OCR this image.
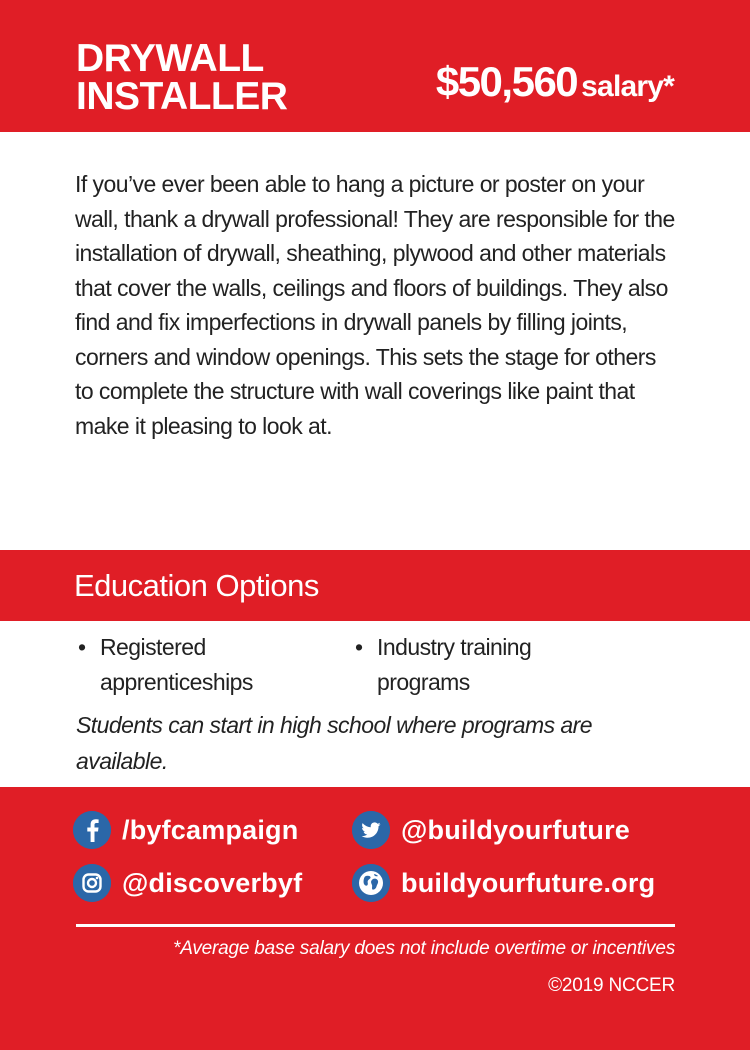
DRYWALL
INSTALLER	$50,560 salary*
If you’ve ever been able to hang a picture or poster on your wall, thank a drywall professional! They are responsible for the installation of drywall, sheathing, plywood and other materials that cover the walls, ceilings and floors of buildings. They also find and fix imperfections in drywall panels by filling joints, corners and window openings. This sets the stage for others to complete the structure with wall coverings like paint that make it pleasing to look at.
Education Options
• Registered apprenticeships
• Industry training programs
Students can start in high school where programs are available.
/byfcampaign	@buildyourfuture
@discoverbyf	buildyourfuture.org
*Average base salary does not include overtime or incentives
©2019 NCCER
